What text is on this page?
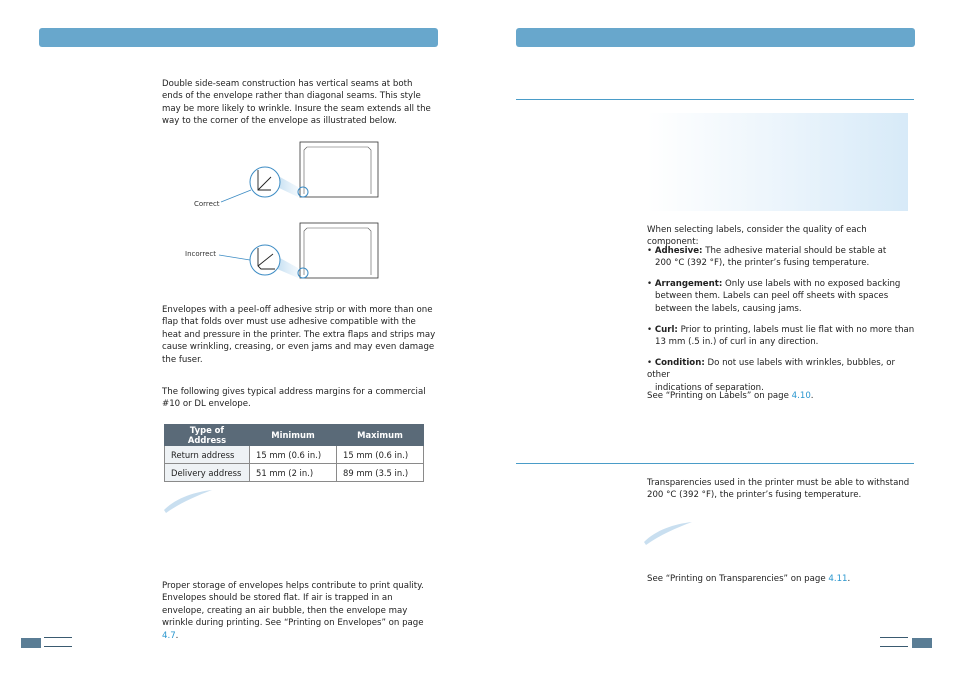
Double side-seam construction has vertical seams at both ends of the envelope rather than diagonal seams. This style may be more likely to wrinkle. Insure the seam extends all the way to the corner of the envelope as illustrated below.
Correct
Incorrect
Envelopes with a peel-off adhesive strip or with more than one flap that folds over must use adhesive compatible with the heat and pressure in the printer. The extra flaps and strips may cause wrinkling, creasing, or even jams and may even damage the fuser.
The following gives typical address margins for a commercial #10 or DL envelope.
Type of Address	Minimum	Maximum
Return address	15 mm (0.6 in.)	15 mm (0.6 in.)
Delivery address	51 mm (2 in.)	89 mm (3.5 in.)
Proper storage of envelopes helps contribute to print quality. Envelopes should be stored flat. If air is trapped in an envelope, creating an air bubble, then the envelope may wrinkle during printing. See “Printing on Envelopes” on page 4.7.
When selecting labels, consider the quality of each component:
• Adhesive: The adhesive material should be stable at
200 °C (392 °F), the printer’s fusing temperature.
• Arrangement: Only use labels with no exposed backing
between them. Labels can peel off sheets with spaces
between the labels, causing jams.
• Curl: Prior to printing, labels must lie flat with no more than
13 mm (.5 in.) of curl in any direction.
• Condition: Do not use labels with wrinkles, bubbles, or other
indications of separation.
See “Printing on Labels” on page 4.10.
Transparencies used in the printer must be able to withstand
200 °C (392 °F), the printer’s fusing temperature.
See “Printing on Transparencies” on page 4.11.
